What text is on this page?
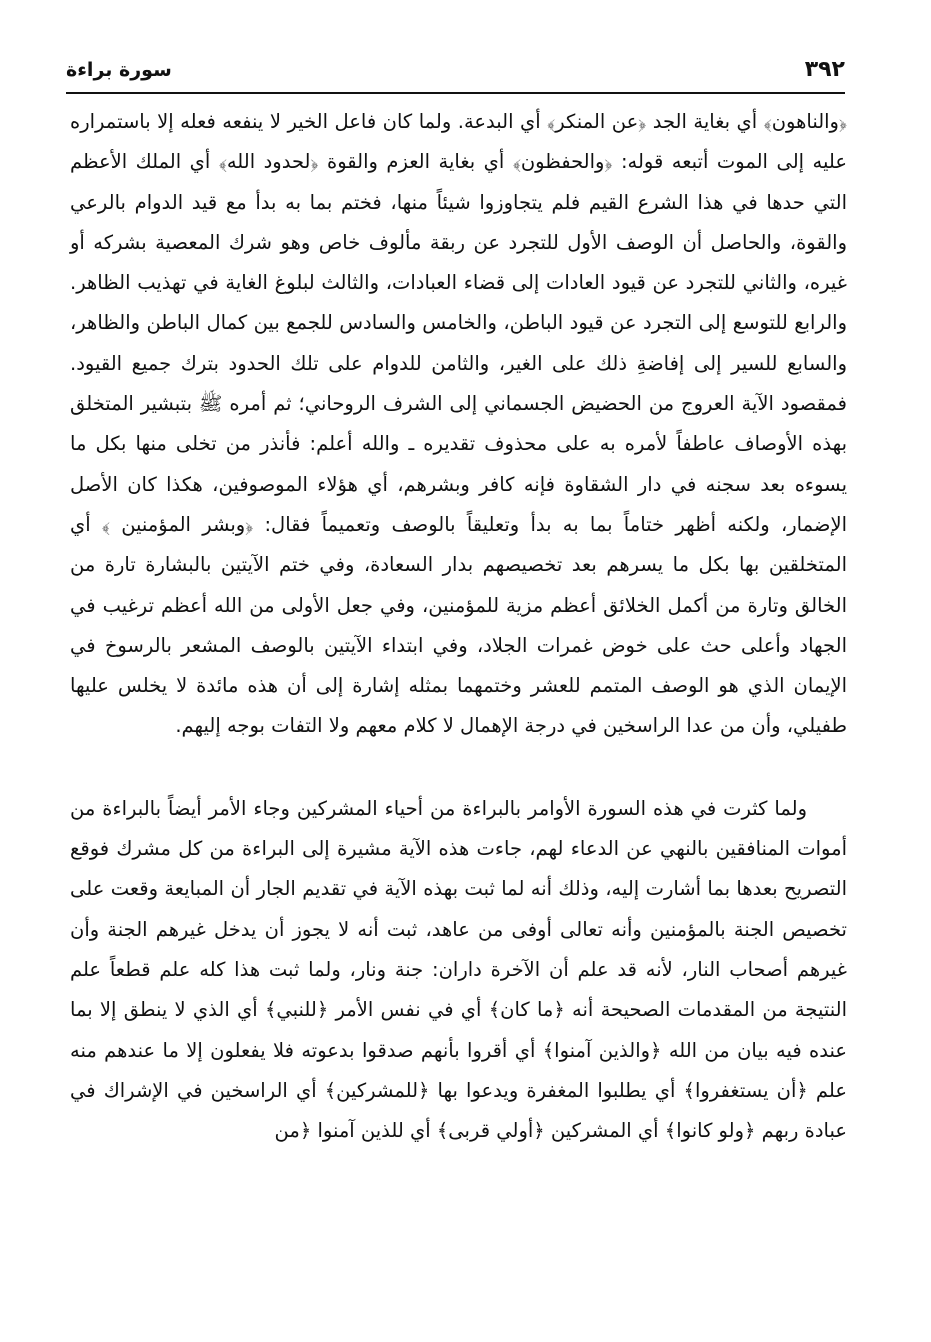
٣٩٢
سورة براءة

﴿والناهون﴾ أي بغاية الجد ﴿عن المنكر﴾ أي البدعة. ولما كان فاعل الخير لا ينفعه فعله إلا باستمراره عليه إلى الموت أتبعه قوله: ﴿والحفظون﴾ أي بغاية العزم والقوة ﴿لحدود الله﴾ أي الملك الأعظم التي حدها في هذا الشرع القيم فلم يتجاوزوا شيئاً منها، فختم بما به بدأ مع قيد الدوام بالرعي والقوة، والحاصل أن الوصف الأول للتجرد عن ربقة مألوف خاص وهو شرك المعصية بشركه أو غيره، والثاني للتجرد عن قيود العادات إلى قضاء العبادات، والثالث لبلوغ الغاية في تهذيب الظاهر. والرابع للتوسع إلى التجرد عن قيود الباطن، والخامس والسادس للجمع بين كمال الباطن والظاهر، والسابع للسير إلى إفاضةِ ذلك على الغير، والثامن للدوام على تلك الحدود بترك جميع القيود. فمقصود الآية العروج من الحضيض الجسماني إلى الشرف الروحاني؛ ثم أمره ﷺ بتبشير المتخلق بهذه الأوصاف عاطفاً لأمره به على محذوف تقديره ـ والله أعلم: فأنذر من تخلى منها بكل ما يسوءه بعد سجنه في دار الشقاوة فإنه كافر وبشرهم، أي هؤلاء الموصوفين، هكذا كان الأصل الإضمار، ولكنه أظهر ختاماً بما به بدأ وتعليقاً بالوصف وتعميماً فقال: ﴿وبشر المؤمنين ﴾ أي المتخلقين بها بكل ما يسرهم بعد تخصيصهم بدار السعادة، وفي ختم الآيتين بالبشارة تارة من الخالق وتارة من أكمل الخلائق أعظم مزية للمؤمنين، وفي جعل الأولى من الله أعظم ترغيب في الجهاد وأعلى حث على خوض غمرات الجلاد، وفي ابتداء الآيتين بالوصف المشعر بالرسوخ في الإيمان الذي هو الوصف المتمم للعشر وختمهما بمثله إشارة إلى أن هذه مائدة لا يخلس عليها طفيلي، وأن من عدا الراسخين في درجة الإهمال لا كلام معهم ولا التفات بوجه إليهم.

ولما كثرت في هذه السورة الأوامر بالبراءة من أحياء المشركين وجاء الأمر أيضاً بالبراءة من أموات المنافقين بالنهي عن الدعاء لهم، جاءت هذه الآية مشيرة إلى البراءة من كل مشرك فوقع التصريح بعدها بما أشارت إليه، وذلك أنه لما ثبت بهذه الآية في تقديم الجار أن المبايعة وقعت على تخصيص الجنة بالمؤمنين وأنه تعالى أوفى من عاهد، ثبت أنه لا يجوز أن يدخل غيرهم الجنة وأن غيرهم أصحاب النار، لأنه قد علم أن الآخرة داران: جنة ونار، ولما ثبت هذا كله علم قطعاً علم النتيجة من المقدمات الصحيحة أنه ﴿ما كان﴾ أي في نفس الأمر ﴿للنبي﴾ أي الذي لا ينطق إلا بما عنده فيه بيان من الله ﴿والذين آمنوا﴾ أي أقروا بأنهم صدقوا بدعوته فلا يفعلون إلا ما عندهم منه علم ﴿أن يستغفروا﴾ أي يطلبوا المغفرة ويدعوا بها ﴿للمشركين﴾ أي الراسخين في الإشراك في عبادة ربهم ﴿ولو كانوا﴾ أي المشركين ﴿أولي قربى﴾ أي للذين آمنوا ﴿من
